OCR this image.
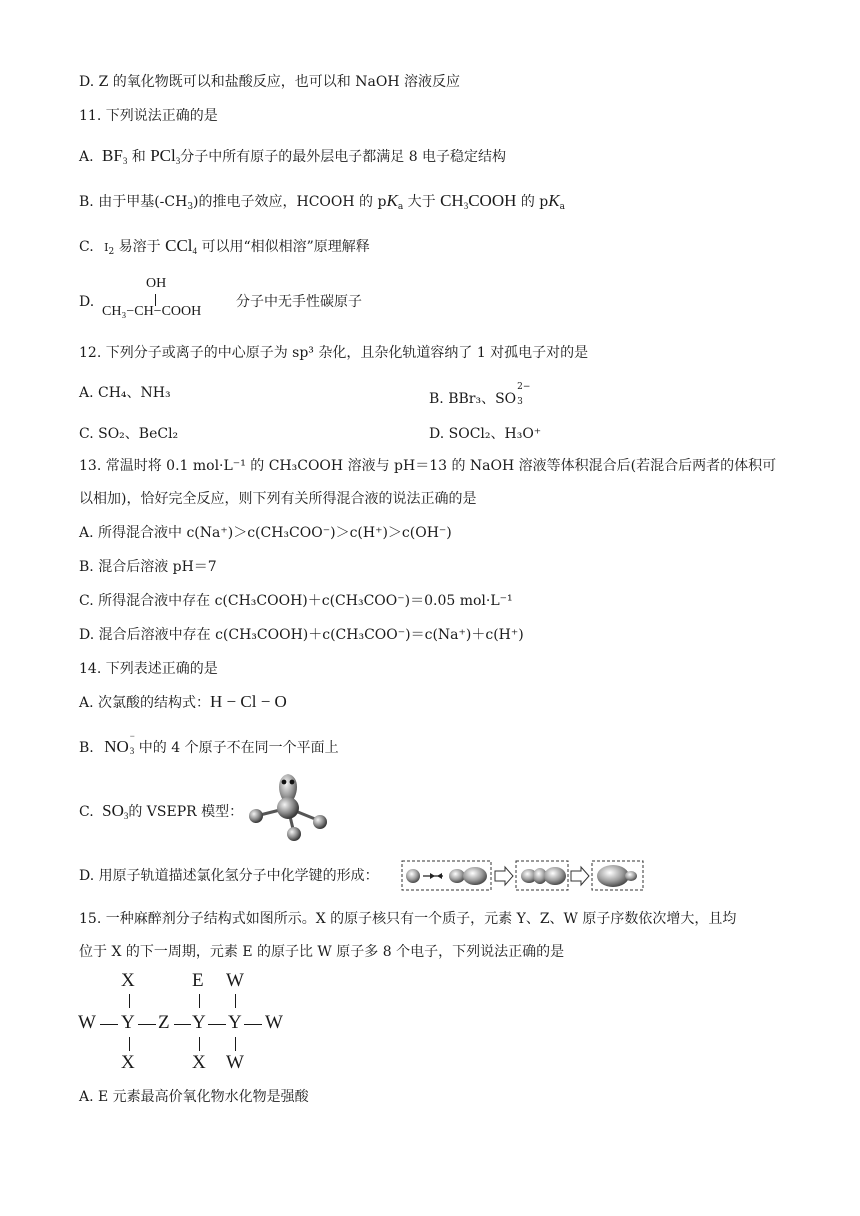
D. Z 的氧化物既可以和盐酸反应，也可以和 NaOH 溶液反应
11. 下列说法正确的是
A. $BF_3$ 和 PCl$_3$分子中所有原子的最外层电子都满足 8 电子稳定结构
B. 由于甲基$(-CH_3)$的推电子效应，HCOOH 的 $pK_a$ 大于 $CH_3COOH$ 的 $pK_a$
C. $I_2$ 易溶于 CCl$_4$ 可以用“相似相溶”原理解释
D.
OH
CH₃−CH−COOH
分子中无手性碳原子
12. 下列分子或离子的中心原子为 sp³ 杂化，且杂化轨道容纳了 1 对孤电子对的是
A. CH₄、NH₃	B. BBr₃、SO
2−
3
C. SO₂、BeCl₂	D. SOCl₂、H₃O⁺
13. 常温时将 0.1 mol·L⁻¹ 的 CH₃COOH 溶液与 pH＝13 的 NaOH 溶液等体积混合后(若混合后两者的体积可
以相加)，恰好完全反应，则下列有关所得混合液的说法正确的是
A. 所得混合液中 c(Na⁺)＞c(CH₃COO⁻)＞c(H⁺)＞c(OH⁻)
B. 混合后溶液 pH＝7
C. 所得混合液中存在 c(CH₃COOH)＋c(CH₃COO⁻)＝0.05 mol·L⁻¹
D. 混合后溶液中存在 c(CH₃COOH)＋c(CH₃COO⁻)＝c(Na⁺)＋c(H⁺)
14. 下列表述正确的是
A. 次氯酸的结构式：H − Cl − O
B. NO
−
3 中的 4 个原子不在同一个平面上
C. $SO_3$的 VSEPR 模型：
D. 用原子轨道描述氯化氢分子中化学键的形成：
15. 一种麻醉剂分子结构式如图所示。X 的原子核只有一个质子，元素 Y、Z、W 原子序数依次增大，且均
位于 X 的下一周期，元素 E 的原子比 W 原子多 8 个电子，下列说法正确的是
X	E W
W Y Z Y Y W
X	X W
A. E 元素最高价氧化物水化物是强酸
